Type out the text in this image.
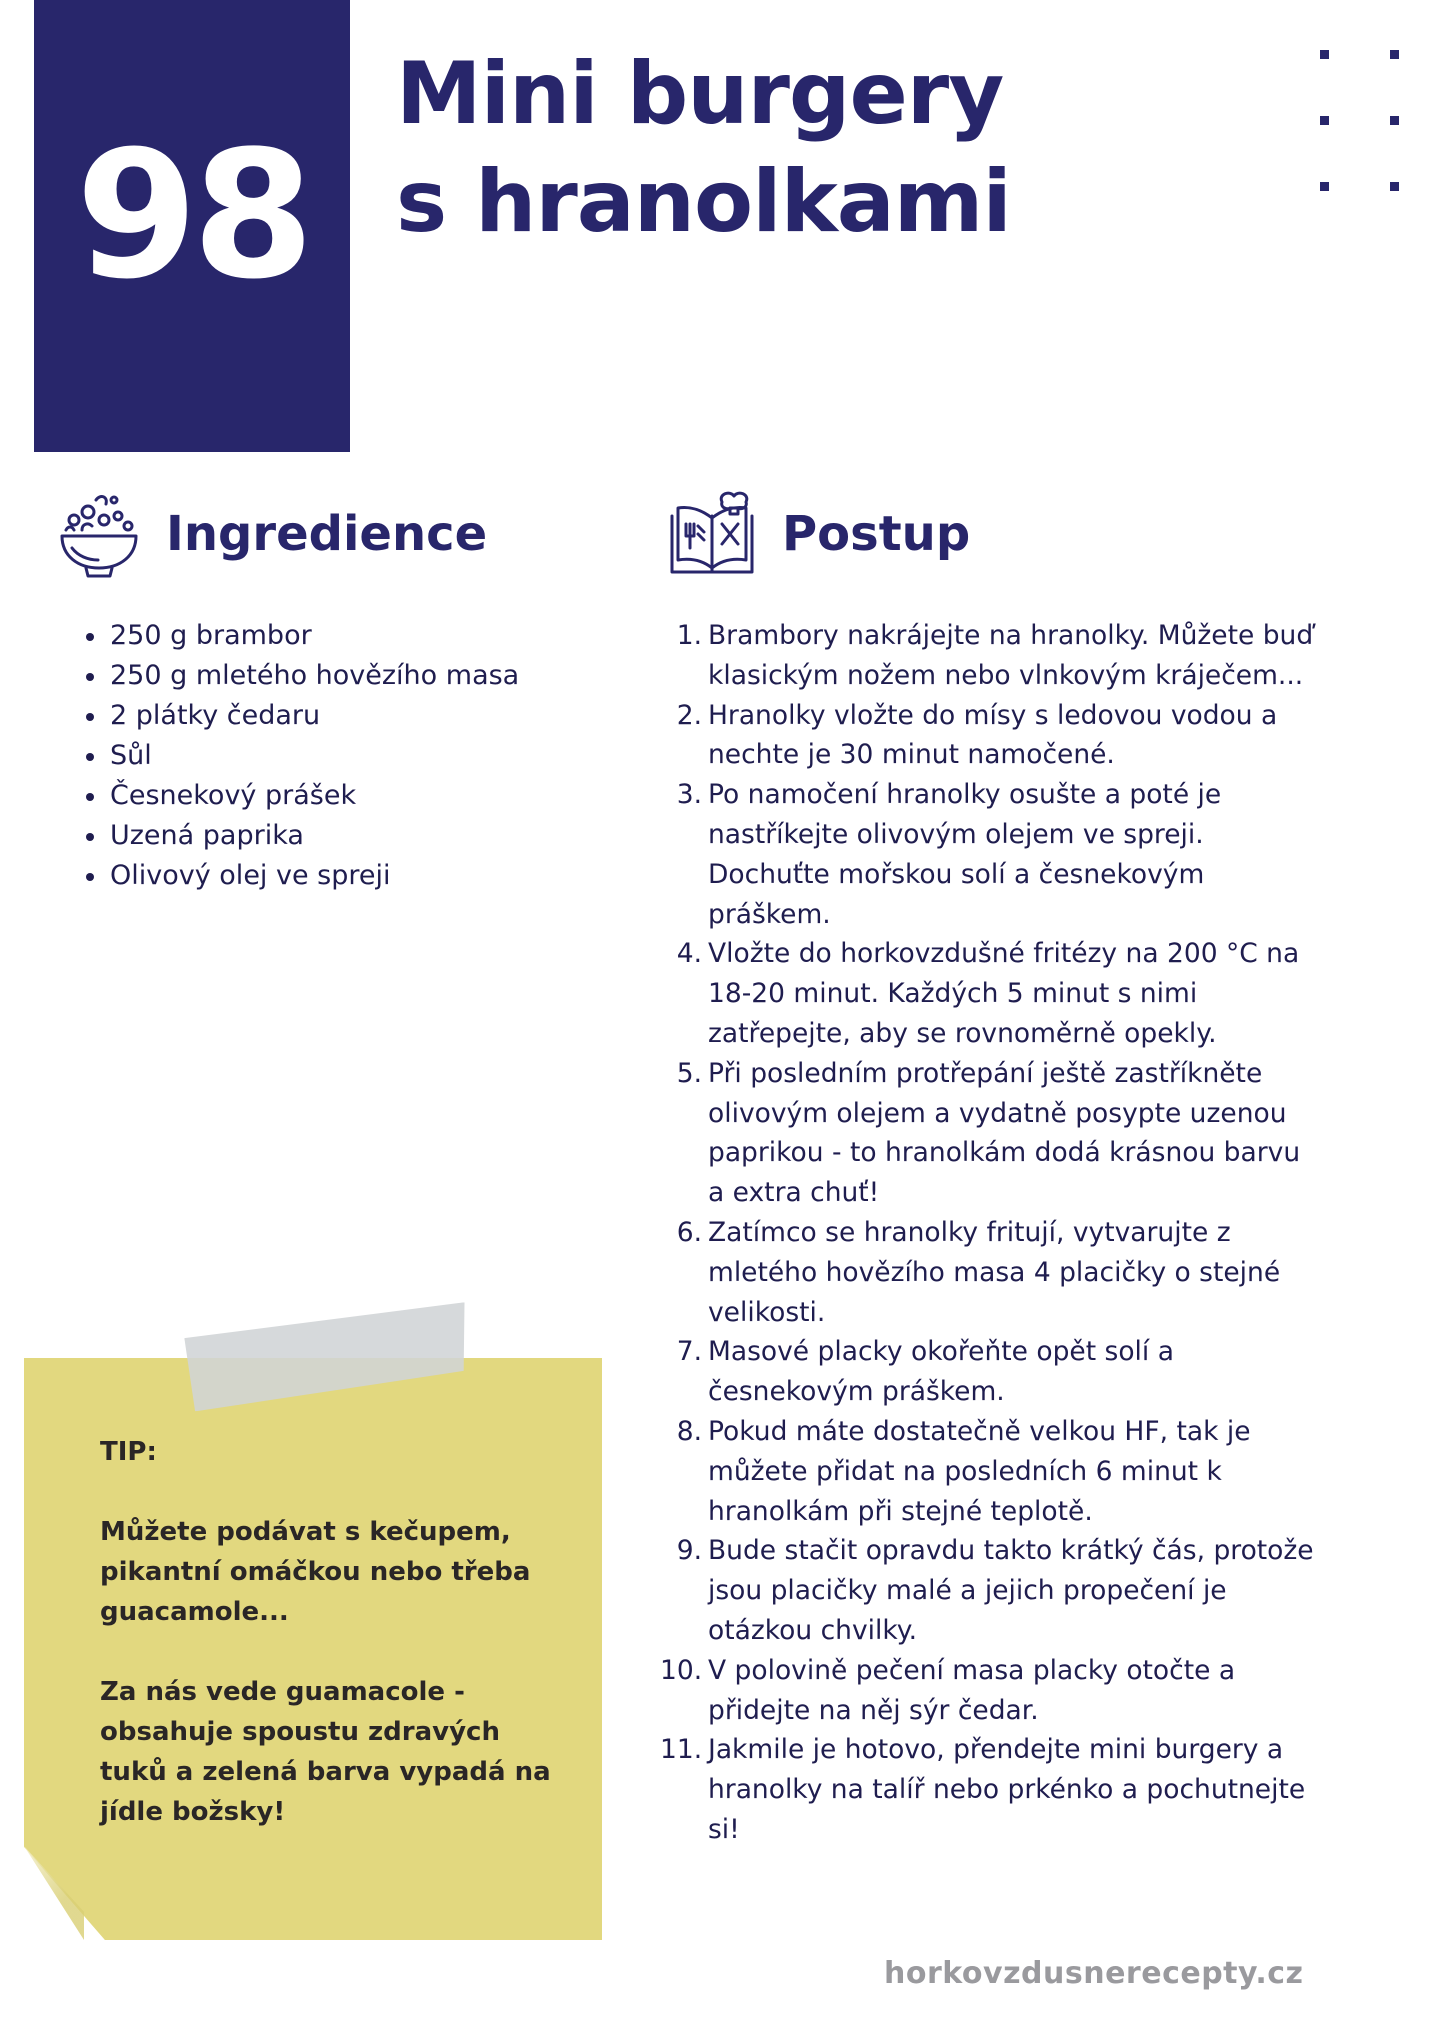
98
Mini burgery
s hranolkami
Ingredience	Postup
250 g brambor
250 g mletého hovězího masa
2 plátky čedaru
Sůl
Česnekový prášek
Uzená paprika
Olivový olej ve spreji
1. Brambory nakrájejte na hranolky. Můžete buď klasickým nožem nebo vlnkovým kráječem...
2. Hranolky vložte do mísy s ledovou vodou a nechte je 30 minut namočené.
3. Po namočení hranolky osušte a poté je nastříkejte olivovým olejem ve spreji. Dochuťte mořskou solí a česnekovým práškem.
4. Vložte do horkovzdušné fritézy na 200 °C na 18-20 minut. Každých 5 minut s nimi zatřepejte, aby se rovnoměrně opekly.
5. Při posledním protřepání ještě zastříkněte olivovým olejem a vydatně posypte uzenou paprikou - to hranolkám dodá krásnou barvu a extra chuť!
6. Zatímco se hranolky fritují, vytvarujte z mletého hovězího masa 4 placičky o stejné velikosti.
7. Masové placky okořeňte opět solí a česnekovým práškem.
8. Pokud máte dostatečně velkou HF, tak je můžete přidat na posledních 6 minut k hranolkám při stejné teplotě.
9. Bude stačit opravdu takto krátký čás, protože jsou placičky malé a jejich propečení je otázkou chvilky.
10. V polovině pečení masa placky otočte a přidejte na něj sýr čedar.
11. Jakmile je hotovo, přendejte mini burgery a hranolky na talíř nebo prkénko a pochutnejte si!

TIP:

Můžete podávat s kečupem, pikantní omáčkou nebo třeba guacamole...

Za nás vede guamacole - obsahuje spoustu zdravých tuků a zelená barva vypadá na jídle božsky!

horkovzdusnerecepty.cz
